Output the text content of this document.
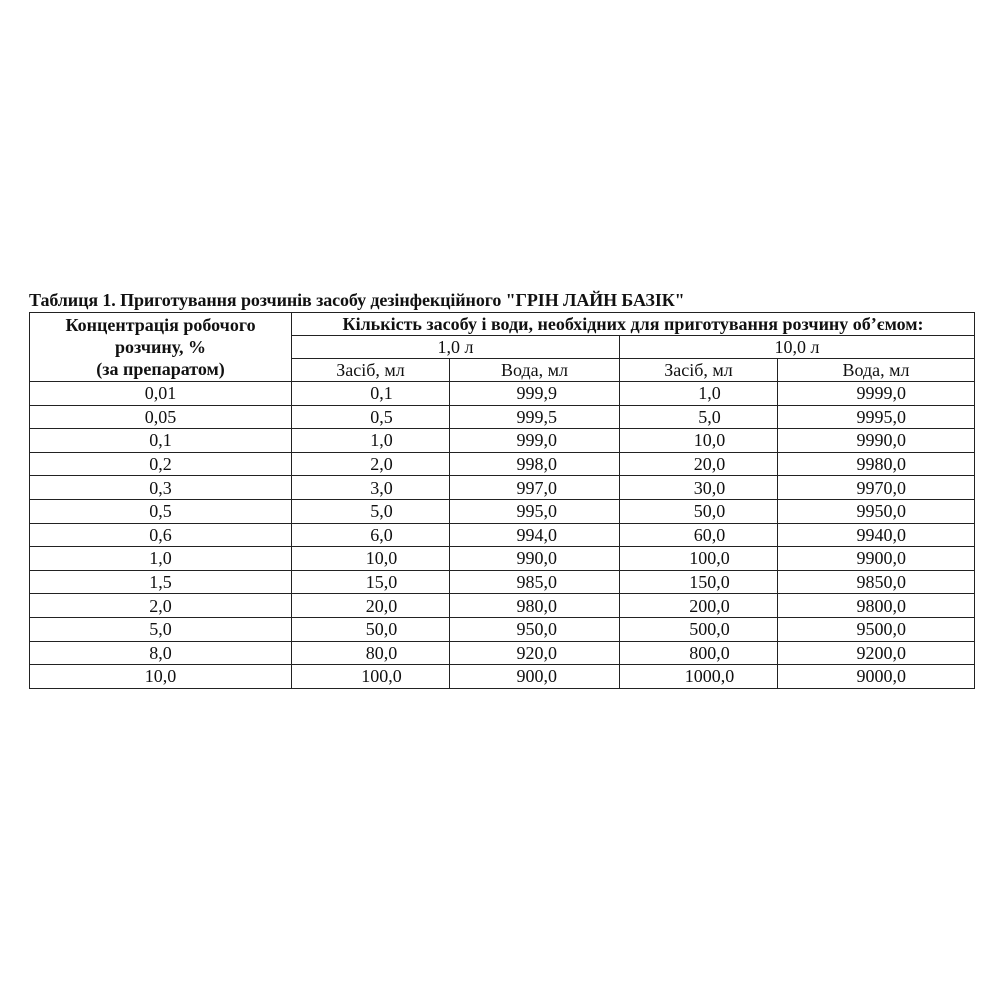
Таблиця 1. Приготування розчинів засобу дезінфекційного "ГРІН ЛАЙН БАЗІК"
Концентрація робочого
розчину, %
(за препаратом)	Кількість засобу і води, необхідних для приготування розчину об’ємом:			
	1,0 л		10,0 л	
	Засіб, мл	Вода, мл	Засіб, мл	Вода, мл
0,01	0,1	999,9	1,0	9999,0
0,05	0,5	999,5	5,0	9995,0
0,1	1,0	999,0	10,0	9990,0
0,2	2,0	998,0	20,0	9980,0
0,3	3,0	997,0	30,0	9970,0
0,5	5,0	995,0	50,0	9950,0
0,6	6,0	994,0	60,0	9940,0
1,0	10,0	990,0	100,0	9900,0
1,5	15,0	985,0	150,0	9850,0
2,0	20,0	980,0	200,0	9800,0
5,0	50,0	950,0	500,0	9500,0
8,0	80,0	920,0	800,0	9200,0
10,0	100,0	900,0	1000,0	9000,0
